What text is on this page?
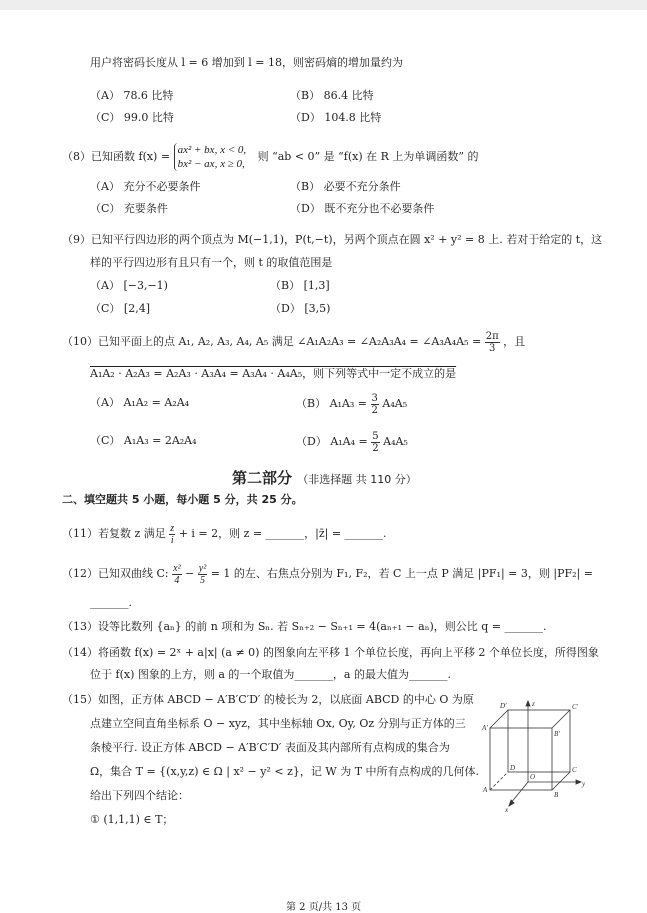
用户将密码长度从 l = 6 增加到 l = 18，则密码熵的增加量约为
（A） 78.6 比特	（B） 86.4 比特
（C） 99.0 比特	（D） 104.8 比特
（8）已知函数 f(x) = ax² + bx, x < 0,
bx² − ax, x ≥ 0,
则 “ab < 0” 是 “f(x) 在 R 上为单调函数” 的
（A） 充分不必要条件	（B） 必要不充分条件
（C） 充要条件	（D） 既不充分也不必要条件
（9）已知平行四边形的两个顶点为 M(−1,1)，P(t,−t)，另两个顶点在圆 x² + y² = 8 上. 若对于给定的 t，这
样的平行四边形有且只有一个，则 t 的取值范围是
（A） [−3,−1)	（B） [1,3]
（C） [2,4]	（D） [3,5)
（10）已知平面上的点 A₁, A₂, A₃, A₄, A₅ 满足 ∠A₁A₂A₃ = ∠A₂A₃A₄ = ∠A₃A₄A₅ = $\frac{2\pi}{3}$ ，且
A₁A₂ · A₂A₃ = A₂A₃ · A₃A₄ = A₃A₄ · A₄A₅，则下列等式中一定不成立的是
（A） A₁A₂ = A₂A₄	（B） $A_1A_3 = \frac{3}{2} A_4A_5$
（C） A₁A₃ = 2A₂A₄	（D） $A_1A_4 = \frac{5}{2} A_4A_5$
第二部分 （非选择题 共 110 分）
二、填空题共 5 小题，每小题 5 分，共 25 分。
（11）若复数 z 满足 $\frac{z}{i} + i = 2$，则 z = _______，|z̄| = _______.
（12）已知双曲线 C: $\frac{\text{x²}}{4} - \frac{\text{y²}}{5} = 1$ 的左、右焦点分别为 F₁, F₂，若 C 上一点 P 满足 |PF₁| = 3，则 |PF₂| =
_______.
（13）设等比数列 {aₙ} 的前 n 项和为 Sₙ. 若 Sₙ₊₂ − Sₙ₊₁ = 4(aₙ₊₁ − aₙ)，则公比 q = _______.
（14）将函数 f(x) = 2ˣ + a|x| (a ≠ 0) 的图象向左平移 1 个单位长度，再向上平移 2 个单位长度，所得图象
位于 f(x) 图象的上方，则 a 的一个取值为_______，a 的最大值为_______.
（15）如图，正方体 ABCD − A′B′C′D′ 的棱长为 2，以底面 ABCD 的中心 O 为原
点建立空间直角坐标系 O − xyz，其中坐标轴 Ox, Oy, Oz 分别与正方体的三
条棱平行. 设正方体 ABCD − A′B′C′D′ 表面及其内部所有点构成的集合为
Ω，集合 T = {(x,y,z) ∈ Ω | x² − y² < z}，记 W 为 T 中所有点构成的几何体.
给出下列四个结论：
① (1,1,1) ∈ T；
D′	C′
z
A′
B′
D	C
O
y
A
B
x
第 2 页/共 13 页
